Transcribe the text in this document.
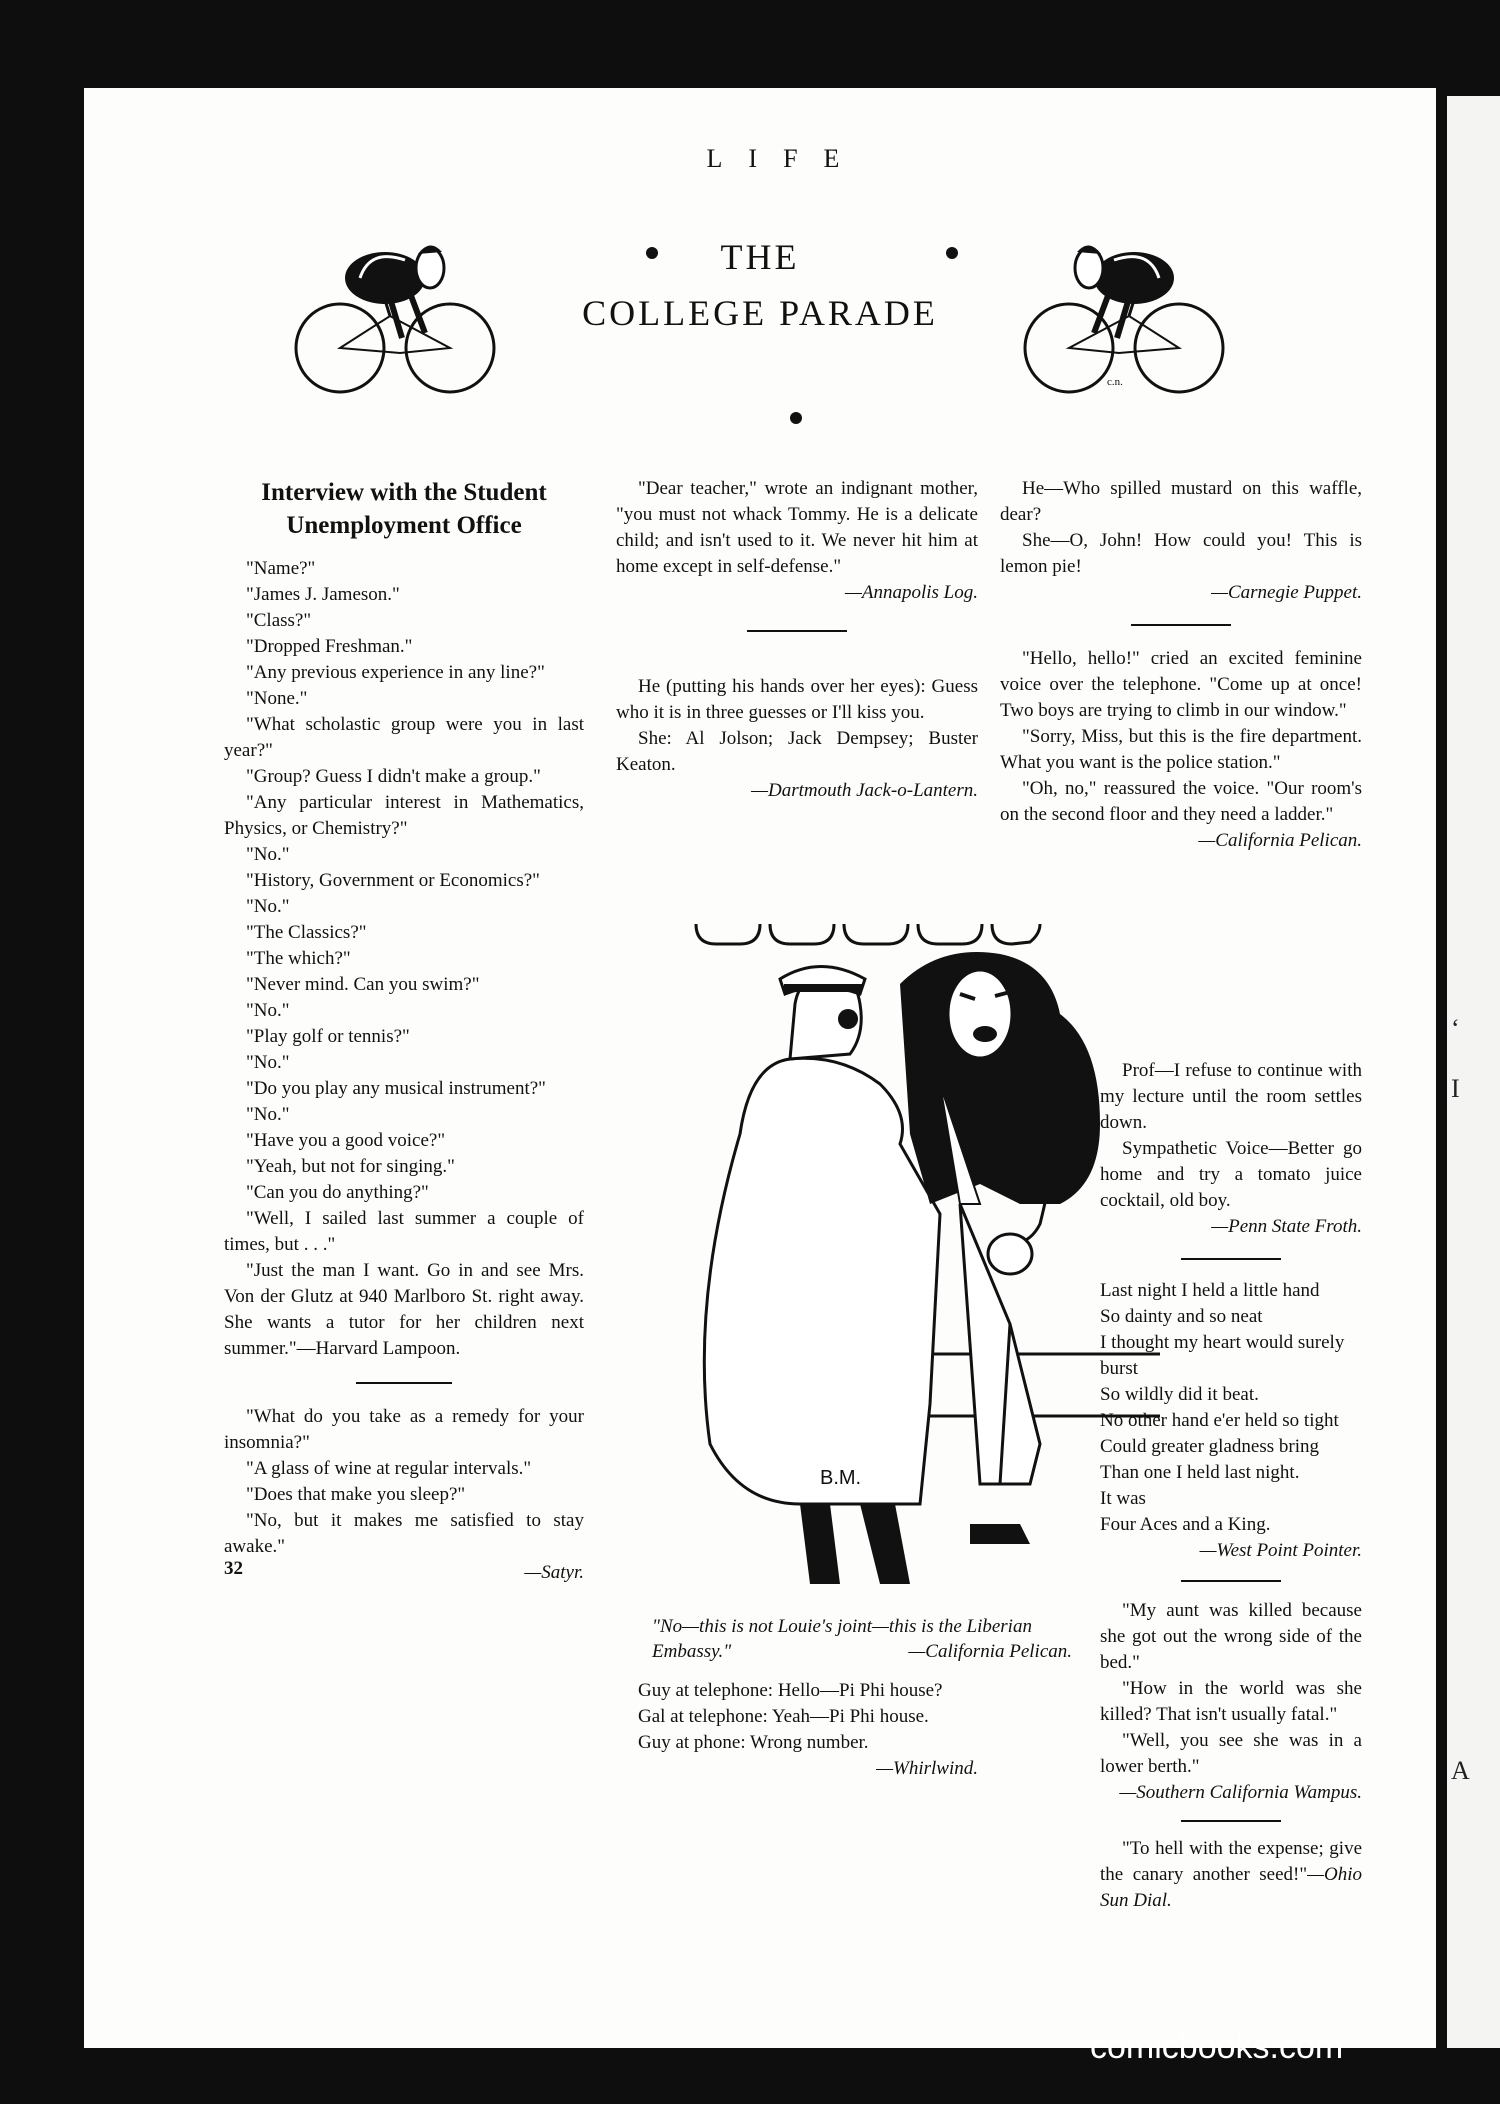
LIFE
THE
COLLEGE PARADE
c.n.
Interview with the Student Unemployment Office

"Name?"

"James J. Jameson."

"Class?"

"Dropped Freshman."

"Any previous experience in any line?"

"None."

"What scholastic group were you in last year?"

"Group? Guess I didn't make a group."

"Any particular interest in Mathematics, Physics, or Chemistry?"

"No."

"History, Government or Economics?"

"No."

"The Classics?"

"The which?"

"Never mind. Can you swim?"

"No."

"Play golf or tennis?"

"No."

"Do you play any musical instrument?"

"No."

"Have you a good voice?"

"Yeah, but not for singing."

"Can you do anything?"

"Well, I sailed last summer a couple of times, but . . ."

"Just the man I want. Go in and see Mrs. Von der Glutz at 940 Marlboro St. right away. She wants a tutor for her children next summer."—Harvard Lampoon.

"What do you take as a remedy for your insomnia?"

"A glass of wine at regular intervals."

"Does that make you sleep?"

"No, but it makes me satisfied to stay awake."

—Satyr.

"Dear teacher," wrote an indignant mother, "you must not whack Tommy. He is a delicate child; and isn't used to it. We never hit him at home except in self-defense."

—Annapolis Log.

He (putting his hands over her eyes): Guess who it is in three guesses or I'll kiss you.

She: Al Jolson; Jack Dempsey; Buster Keaton.

—Dartmouth Jack-o-Lantern.

B.M.
"No—this is not Louie's joint—this is the Liberian Embassy."	—California Pelican.

Guy at telephone: Hello—Pi Phi house?

Gal at telephone: Yeah—Pi Phi house.

Guy at phone: Wrong number.

—Whirlwind.

He—Who spilled mustard on this waffle, dear?

She—O, John! How could you! This is lemon pie!

—Carnegie Puppet.

"Hello, hello!" cried an excited feminine voice over the telephone. "Come up at once! Two boys are trying to climb in our window."

"Sorry, Miss, but this is the fire department. What you want is the police station."

"Oh, no," reassured the voice. "Our room's on the second floor and they need a ladder."

—California Pelican.

Prof—I refuse to continue with my lecture until the room settles down.

Sympathetic Voice—Better go home and try a tomato juice cocktail, old boy.

—Penn State Froth.

Last night I held a little hand

So dainty and so neat

I thought my heart would surely burst

So wildly did it beat.

No other hand e'er held so tight

Could greater gladness bring

Than one I held last night.

It was

Four Aces and a King.

—West Point Pointer.

"My aunt was killed because she got out the wrong side of the bed."

"How in the world was she killed? That isn't usually fatal."

"Well, you see she was in a lower berth."

—Southern California Wampus.

"To hell with the expense; give the canary another seed!"—Ohio Sun Dial.

32
‘
I
A
comicbooks.com
